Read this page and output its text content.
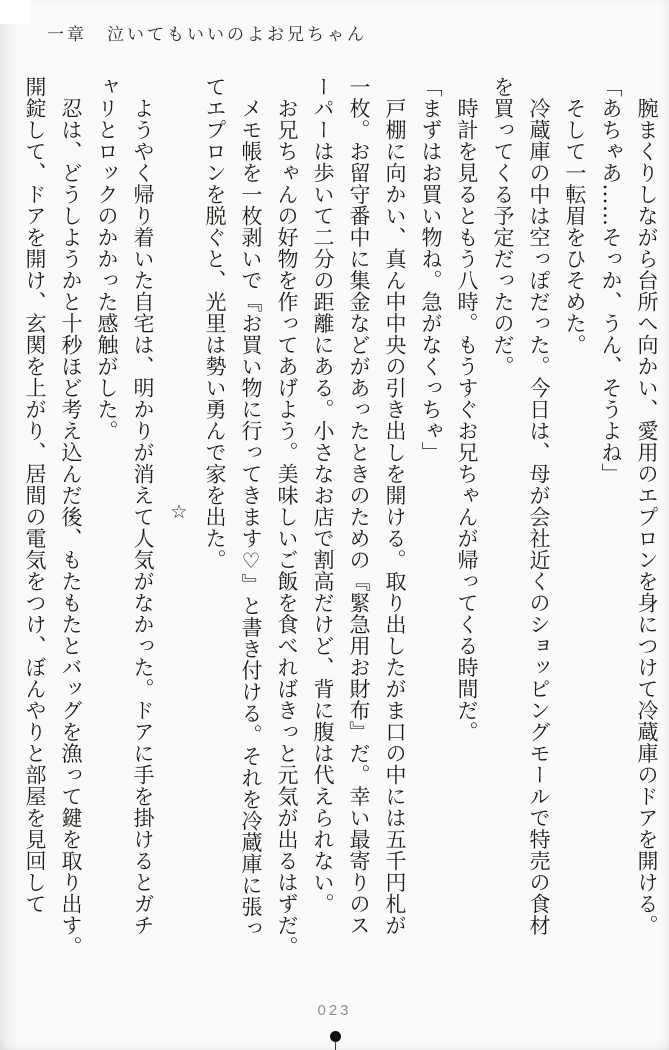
一章　泣いてもいいのよお兄ちゃん

　腕まくりしながら台所へ向かい、愛用のエプロンを身につけて冷蔵庫のドアを開ける。

「あちゃあ……そっか、うん、そうよね」

　そして一転眉をひそめた。

　冷蔵庫の中は空っぽだった。今日は、母が会社近くのショッピングモールで特売の食材

を買ってくる予定だったのだ。

　時計を見るともう八時。もうすぐお兄ちゃんが帰ってくる時間だ。

「まずはお買い物ね。急がなくっちゃ」

　戸棚に向かい、真ん中中央の引き出しを開ける。取り出したがま口の中には五千円札が

一枚。お留守番中に集金などがあったときのための『緊急用お財布』だ。幸い最寄りのス

ーパーは歩いて二分の距離にある。小さなお店で割高だけど、背に腹は代えられない。

　お兄ちゃんの好物を作ってあげよう。美味しいご飯を食べればきっと元気が出るはずだ。

　メモ帳を一枚剥いで『お買い物に行ってきます♡』と書き付ける。それを冷蔵庫に張っ

てエプロンを脱ぐと、光里は勢い勇んで家を出た。

☆

　ようやく帰り着いた自宅は、明かりが消えて人気がなかった。ドアに手を掛けるとガチ

ャリとロックのかかった感触がした。

　忍は、どうしようかと十秒ほど考え込んだ後、もたもたとバッグを漁って鍵を取り出す。

開錠して、ドアを開け、玄関を上がり、居間の電気をつけ、ぼんやりと部屋を見回して

023
